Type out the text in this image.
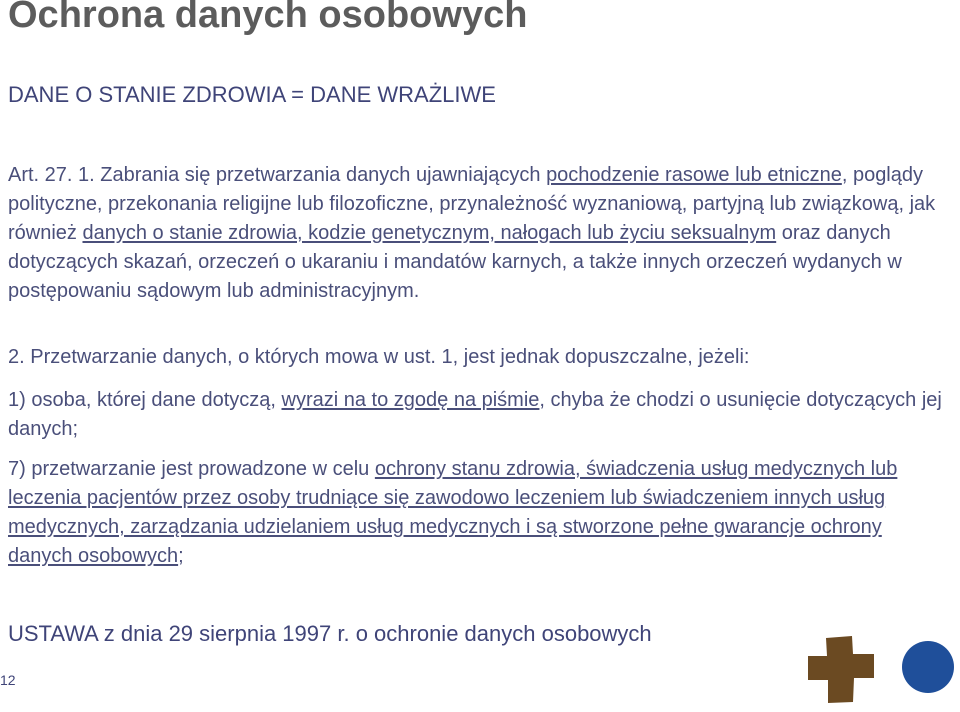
Ochrona danych osobowych

DANE O STANIE ZDROWIA = DANE WRAŻLIWE

Art. 27. 1. Zabrania się przetwarzania danych ujawniających pochodzenie rasowe lub etniczne, poglądy polityczne, przekonania religijne lub filozoficzne, przynależność wyznaniową, partyjną lub związkową, jak również danych o stanie zdrowia, kodzie genetycznym, nałogach lub życiu seksualnym oraz danych dotyczących skazań, orzeczeń o ukaraniu i mandatów karnych, a także innych orzeczeń wydanych w postępowaniu sądowym lub administracyjnym.

2. Przetwarzanie danych, o których mowa w ust. 1, jest jednak dopuszczalne, jeżeli:

1) osoba, której dane dotyczą, wyrazi na to zgodę na piśmie, chyba że chodzi o usunięcie dotyczących jej danych;

7) przetwarzanie jest prowadzone w celu ochrony stanu zdrowia, świadczenia usług medycznych lub leczenia pacjentów przez osoby trudniące się zawodowo leczeniem lub świadczeniem innych usług medycznych, zarządzania udzielaniem usług medycznych i są stworzone pełne gwarancje ochrony danych osobowych;

USTAWA z dnia 29 sierpnia 1997 r. o ochronie danych osobowych

12
